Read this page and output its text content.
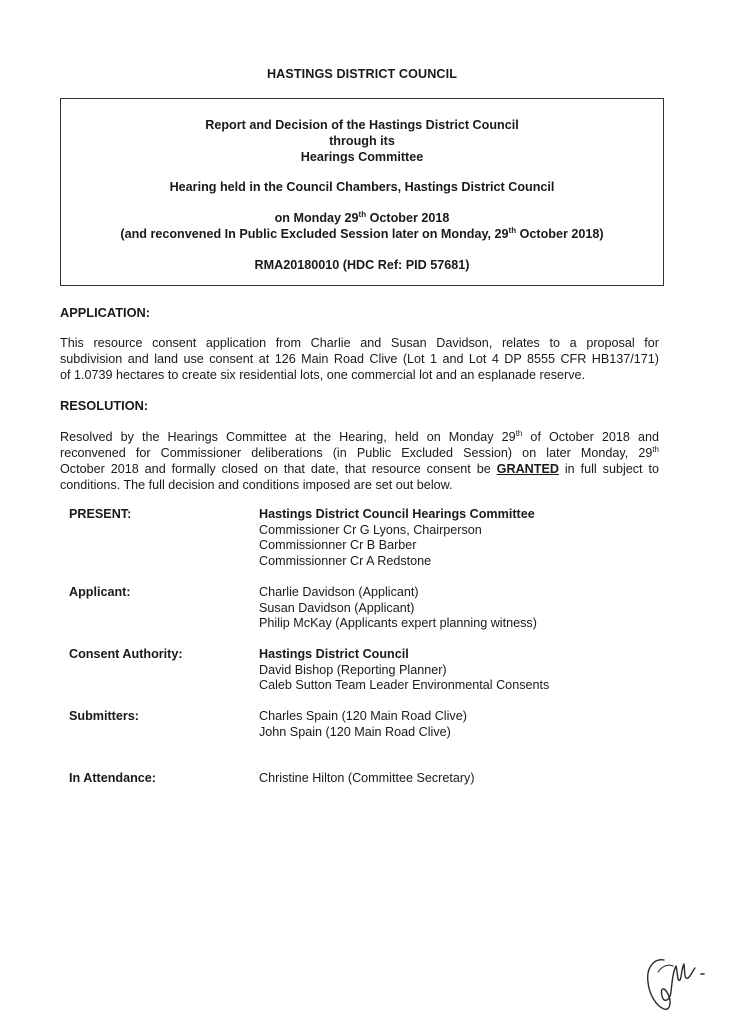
HASTINGS DISTRICT COUNCIL
Report and Decision of the Hastings District Council
through its
Hearings Committee
Hearing held in the Council Chambers, Hastings District Council
on Monday 29th October 2018
(and reconvened In Public Excluded Session later on Monday, 29th October 2018)
RMA20180010 (HDC Ref: PID 57681)
APPLICATION:
This resource consent application from Charlie and Susan Davidson, relates to a proposal for
subdivision and land use consent at 126 Main Road Clive (Lot 1 and Lot 4 DP 8555 CFR HB137/171)
of 1.0739 hectares to create six residential lots, one commercial lot and an esplanade reserve.
RESOLUTION:
Resolved by the Hearings Committee at the Hearing, held on Monday 29th of October 2018 and
reconvened for Commissioner deliberations (in Public Excluded Session) on later Monday, 29th
October 2018 and formally closed on that date, that resource consent be GRANTED in full subject to
conditions. The full decision and conditions imposed are set out below.
PRESENT:	Hastings District Council Hearings Committee
Commissioner Cr G Lyons, Chairperson
Commissionner Cr B Barber
Commissionner Cr A Redstone
Applicant:	Charlie Davidson (Applicant)
Susan Davidson (Applicant)
Philip McKay (Applicants expert planning witness)
Consent Authority:	Hastings District Council
David Bishop (Reporting Planner)
Caleb Sutton Team Leader Environmental Consents
Submitters:	Charles Spain (120 Main Road Clive)
John Spain (120 Main Road Clive)
In Attendance:	Christine Hilton (Committee Secretary)
